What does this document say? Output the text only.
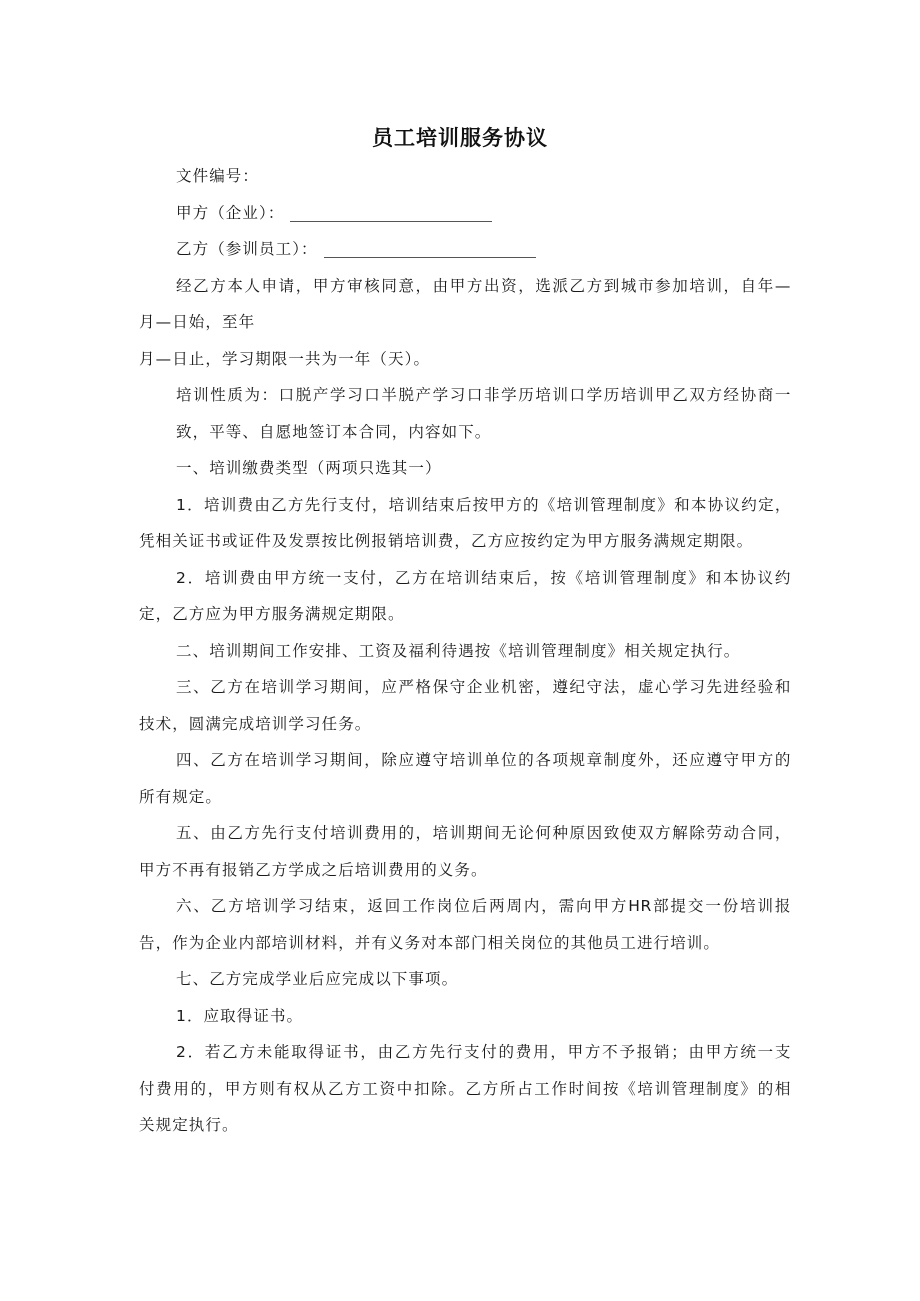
员工培训服务协议
文件编号：
甲方（企业）：
乙方（参训员工）：
经乙方本人申请，甲方审核同意，由甲方出资，选派乙方到城市参加培训，自年—
月—日始，至年
月—日止，学习期限一共为一年（天）。
培训性质为：口脱产学习口半脱产学习口非学历培训口学历培训甲乙双方经协商一
致，平等、自愿地签订本合同，内容如下。
一、培训缴费类型（两项只选其一）
1．培训费由乙方先行支付，培训结束后按甲方的《培训管理制度》和本协议约定，
凭相关证书或证件及发票按比例报销培训费，乙方应按约定为甲方服务满规定期限。
2．培训费由甲方统一支付，乙方在培训结束后，按《培训管理制度》和本协议约
定，乙方应为甲方服务满规定期限。
二、培训期间工作安排、工资及福利待遇按《培训管理制度》相关规定执行。
三、乙方在培训学习期间，应严格保守企业机密，遵纪守法，虚心学习先进经验和
技术，圆满完成培训学习任务。
四、乙方在培训学习期间，除应遵守培训单位的各项规章制度外，还应遵守甲方的
所有规定。
五、由乙方先行支付培训费用的，培训期间无论何种原因致使双方解除劳动合同，
甲方不再有报销乙方学成之后培训费用的义务。
六、乙方培训学习结束，返回工作岗位后两周内，需向甲方HR部提交一份培训报
告，作为企业内部培训材料，并有义务对本部门相关岗位的其他员工进行培训。
七、乙方完成学业后应完成以下事项。
1．应取得证书。
2．若乙方未能取得证书，由乙方先行支付的费用，甲方不予报销；由甲方统一支
付费用的，甲方则有权从乙方工资中扣除。乙方所占工作时间按《培训管理制度》的相
关规定执行。
